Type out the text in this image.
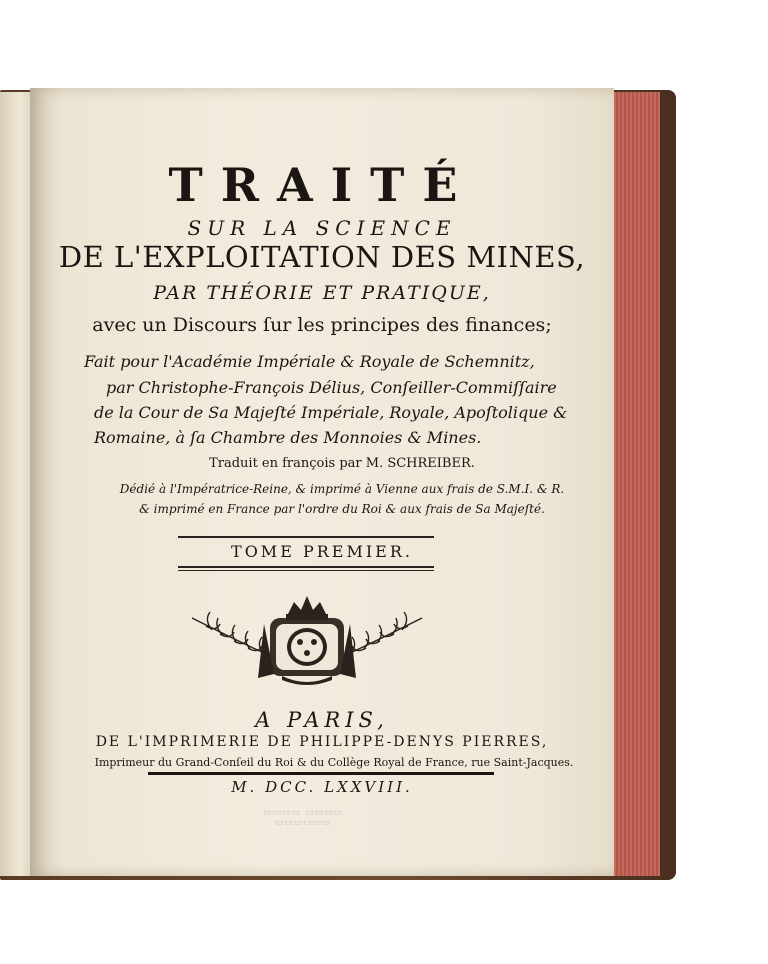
TRAITÉ
SUR LA SCIENCE
DE L'EXPLOITATION DES MINES,
PAR THÉORIE ET PRATIQUE,
avec un Discours ſur les principes des finances;
Fait pour l'Académie Impériale & Royale de Schemnitz,
par Christophe-François Délius, Conſeiller-Commiſſaire
de la Cour de Sa Majeſté Impériale, Royale, Apoſtolique &
Romaine, à ſa Chambre des Monnoies & Mines.
Traduit en françois par M. SCHREIBER.
Dédié à l'Impératrice-Reine, & imprimé à Vienne aux frais de S.M.I. & R.
& imprimé en France par l'ordre du Roi & aux frais de Sa Majeſté.
TOME PREMIER.
A PARIS,
DE L'IMPRIMERIE DE PHILIPPE-DENYS PIERRES,
Imprimeur du Grand-Conſeil du Roi & du Collège Royal de France, rue Saint-Jacques.
M. DCC. LXXVIII.
▭▭▭▭ ▭▭▭▭
▭▭▭▭▭▭
